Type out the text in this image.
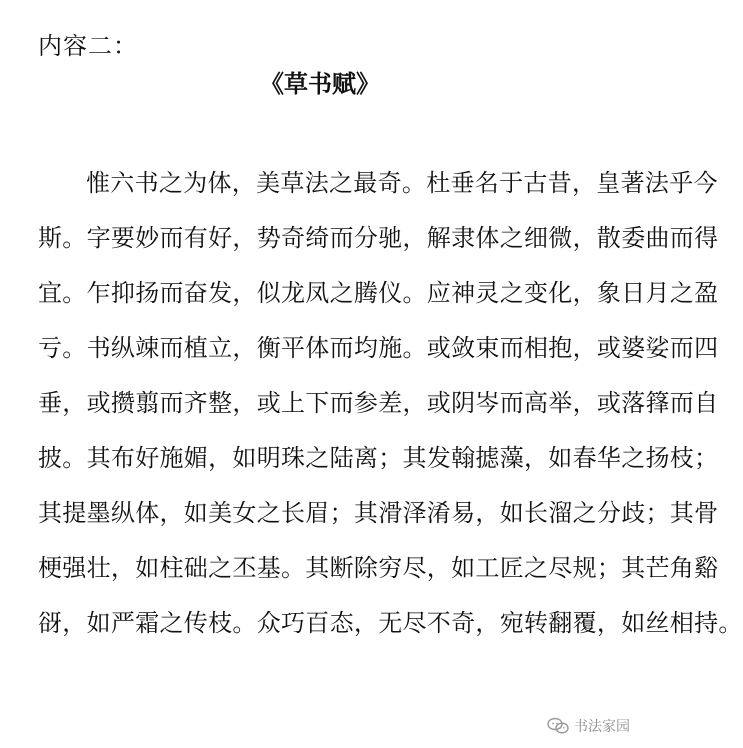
内容二：
《草书赋》
惟六书之为体，美草法之最奇。杜垂名于古昔，皇著法乎今
斯。字要妙而有好，势奇绮而分驰，解隶体之细微，散委曲而得
宜。乍抑扬而奋发，似龙凤之腾仪。应神灵之变化，象日月之盈
亏。书纵竦而植立，衡平体而均施。或敛束而相抱，或婆娑而四
垂，或攒翦而齐整，或上下而参差，或阴岑而高举，或落箨而自
披。其布好施媚，如明珠之陆离；其发翰摅藻，如春华之扬枝；
其提墨纵体，如美女之长眉；其滑泽淆易，如长溜之分歧；其骨
梗强壮，如柱础之丕基。其断除穷尽，如工匠之尽规；其芒角谿
谺，如严霜之传枝。众巧百态，无尽不奇，宛转翻覆，如丝相持。
书法家园
